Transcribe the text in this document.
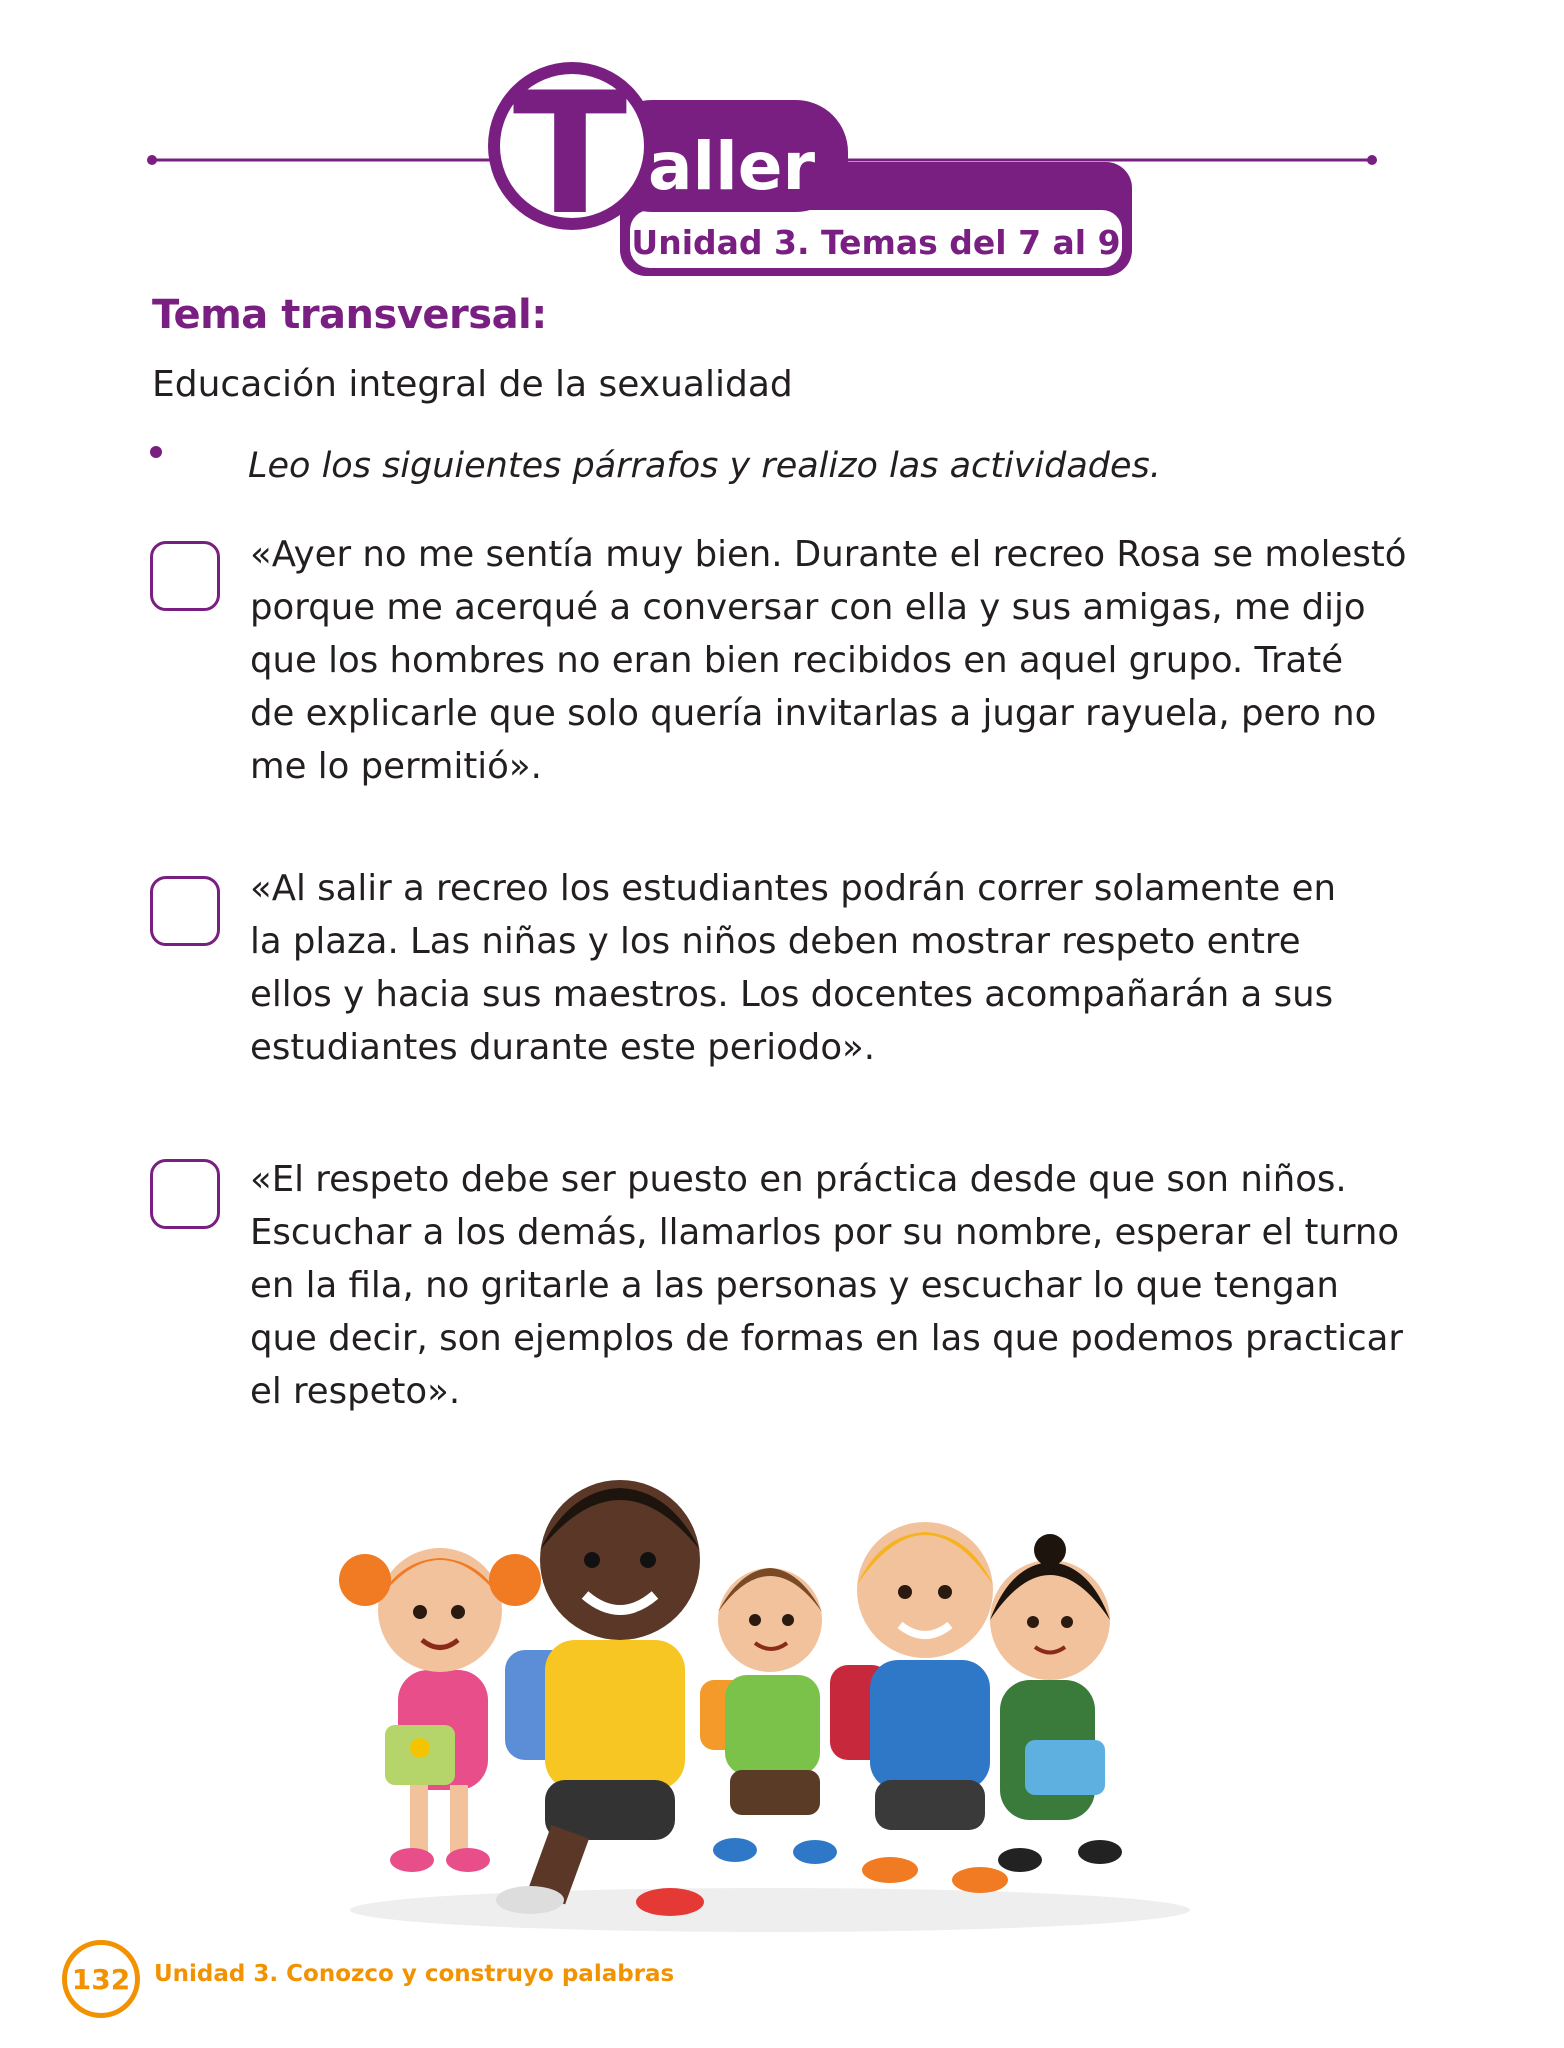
T aller
Unidad 3. Temas del 7 al 9
Tema transversal:
Educación integral de la sexualidad
Leo los siguientes párrafos y realizo las actividades.
«Ayer no me sentía muy bien. Durante el recreo Rosa se molestó
porque me acerqué a conversar con ella y sus amigas, me dijo
que los hombres no eran bien recibidos en aquel grupo. Traté
de explicarle que solo quería invitarlas a jugar rayuela, pero no
me lo permitió».
«Al salir a recreo los estudiantes podrán correr solamente en
la plaza. Las niñas y los niños deben mostrar respeto entre
ellos y hacia sus maestros. Los docentes acompañarán a sus
estudiantes durante este periodo».
«El respeto debe ser puesto en práctica desde que son niños.
Escuchar a los demás, llamarlos por su nombre, esperar el turno
en la fila, no gritarle a las personas y escuchar lo que tengan
que decir, son ejemplos de formas en las que podemos practicar
el respeto».
132 Unidad 3. Conozco y construyo palabras
